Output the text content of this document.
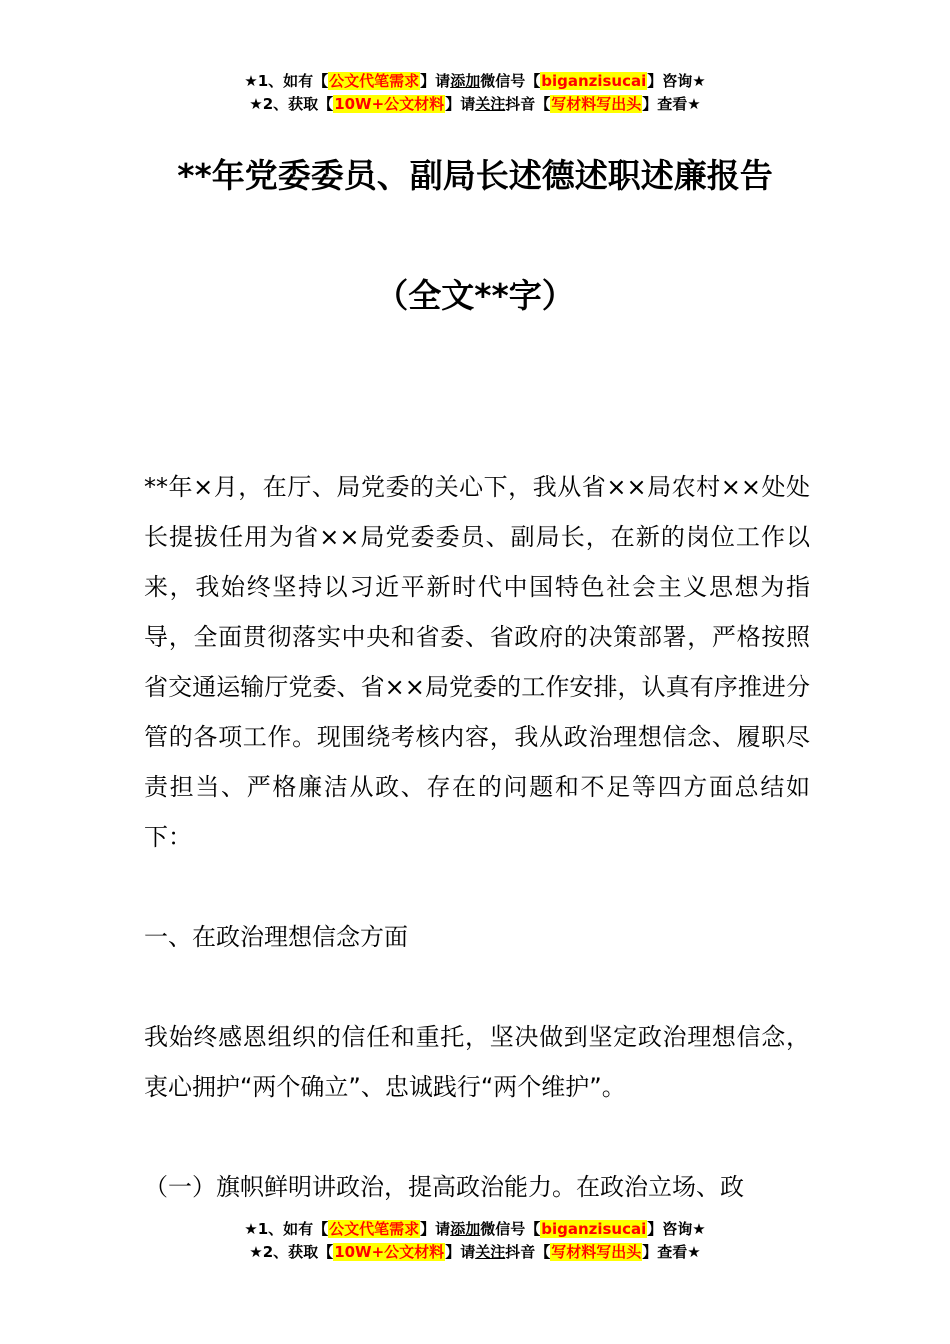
★1、如有【公文代笔需求】请添加微信号【biganzisucai】咨询★
★2、获取【10W+公文材料】请关注抖音【写材料写出头】查看★
**年党委委员、副局长述德述职述廉报告
（全文**字）

**年×月，在厅、局党委的关心下，我从省××局农村××处处长提拔任用为省××局党委委员、副局长，在新的岗位工作以来，我始终坚持以习近平新时代中国特色社会主义思想为指导，全面贯彻落实中央和省委、省政府的决策部署，严格按照省交通运输厅党委、省××局党委的工作安排，认真有序推进分管的各项工作。现围绕考核内容，我从政治理想信念、履职尽责担当、严格廉洁从政、存在的问题和不足等四方面总结如下：

一、在政治理想信念方面

我始终感恩组织的信任和重托，坚决做到坚定政治理想信念，衷心拥护“两个确立”、忠诚践行“两个维护”。

（一）旗帜鲜明讲政治，提高政治能力。在政治立场、政

★1、如有【公文代笔需求】请添加微信号【biganzisucai】咨询★
★2、获取【10W+公文材料】请关注抖音【写材料写出头】查看★
